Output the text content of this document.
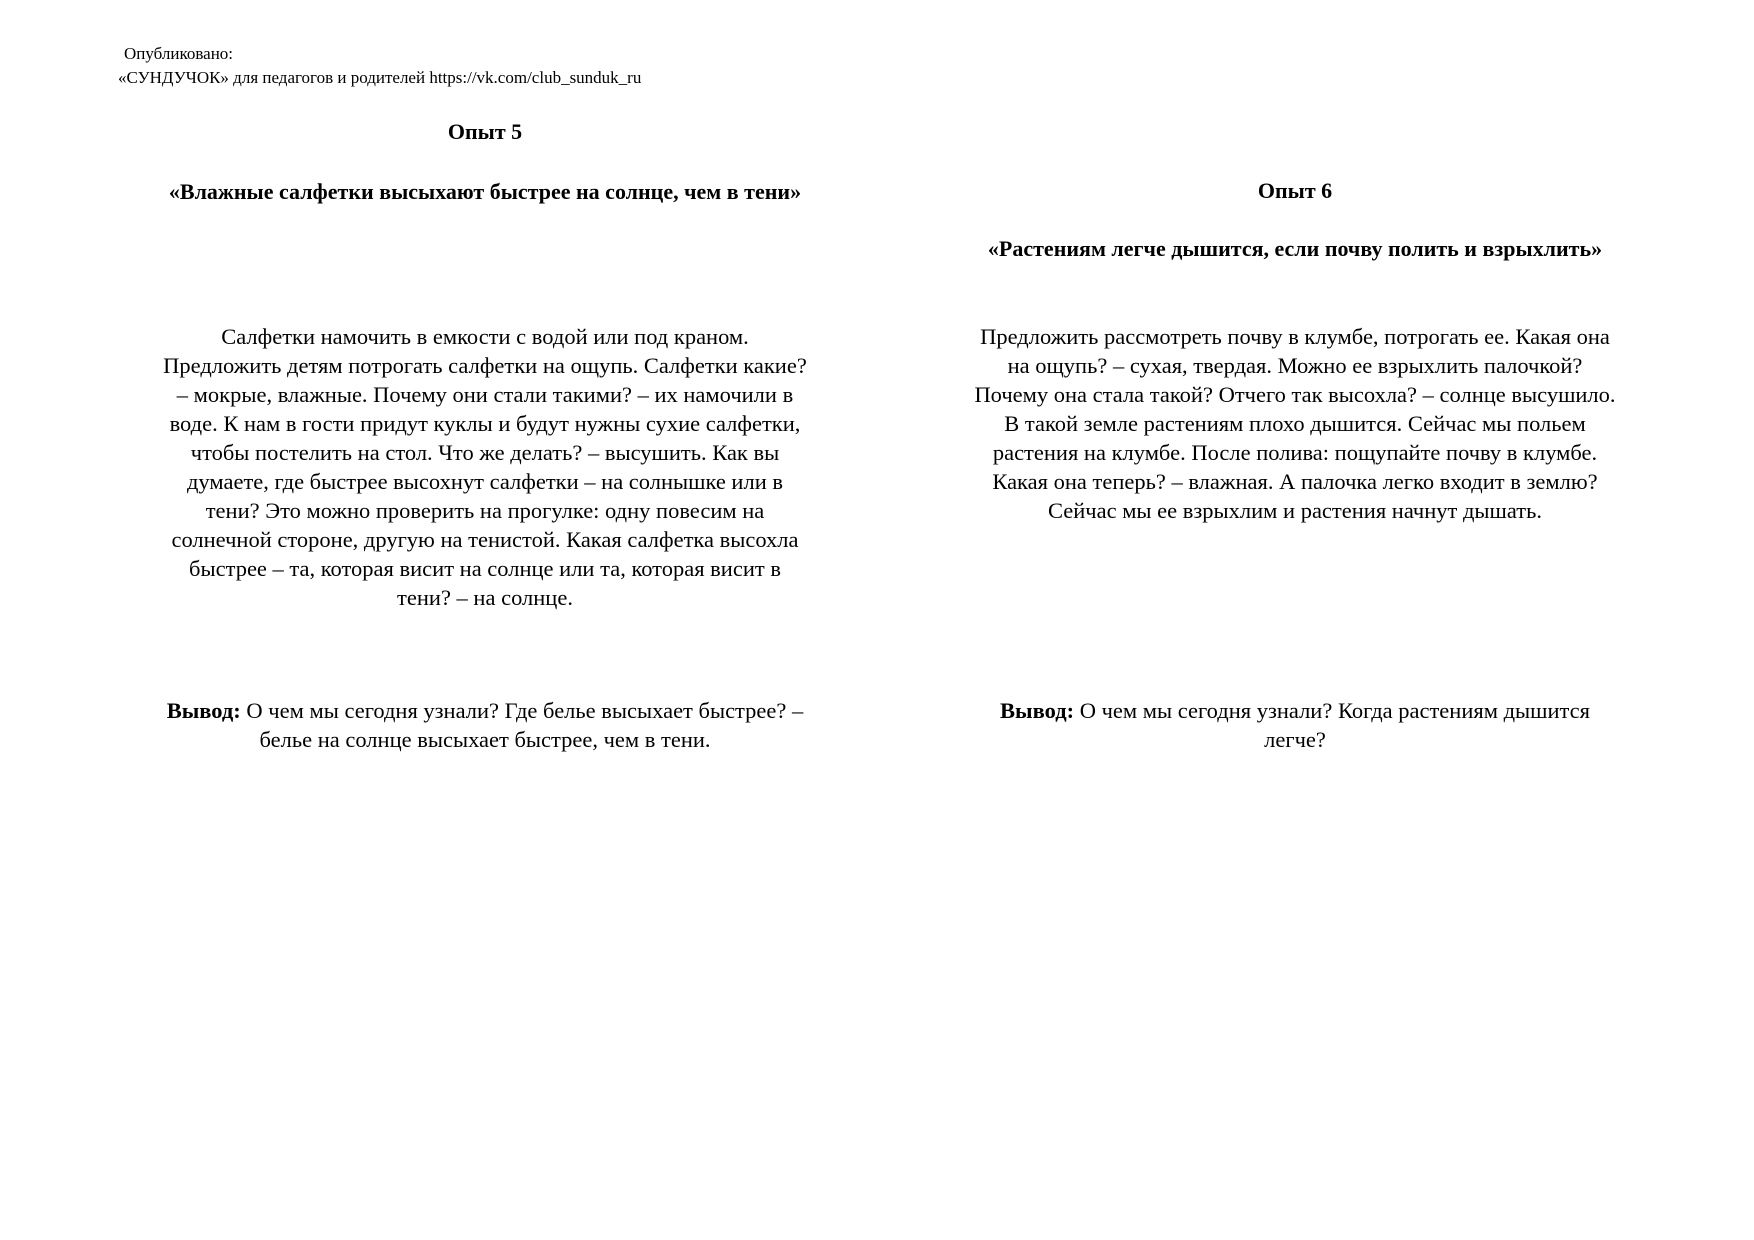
Опубликовано:
«СУНДУЧОК» для педагогов и родителей https://vk.com/club_sunduk_ru
Опыт 5
«Влажные салфетки высыхают быстрее на солнце, чем в тени»
Салфетки намочить в емкости с водой или под краном.
Предложить детям потрогать салфетки на ощупь. Салфетки какие?
– мокрые, влажные. Почему они стали такими? – их намочили в
воде. К нам в гости придут куклы и будут нужны сухие салфетки,
чтобы постелить на стол. Что же делать? – высушить. Как вы
думаете, где быстрее высохнут салфетки – на солнышке или в
тени? Это можно проверить на прогулке: одну повесим на
солнечной стороне, другую на тенистой. Какая салфетка высохла
быстрее – та, которая висит на солнце или та, которая висит в
тени? – на солнце.
Вывод: О чем мы сегодня узнали? Где белье высыхает быстрее? –
белье на солнце высыхает быстрее, чем в тени.
Опыт 6
«Растениям легче дышится, если почву полить и взрыхлить»
Предложить рассмотреть почву в клумбе, потрогать ее. Какая она
на ощупь? – сухая, твердая. Можно ее взрыхлить палочкой?
Почему она стала такой? Отчего так высохла? – солнце высушило.
В такой земле растениям плохо дышится. Сейчас мы польем
растения на клумбе. После полива: пощупайте почву в клумбе.
Какая она теперь? – влажная. А палочка легко входит в землю?
Сейчас мы ее взрыхлим и растения начнут дышать.
Вывод: О чем мы сегодня узнали? Когда растениям дышится
легче?
